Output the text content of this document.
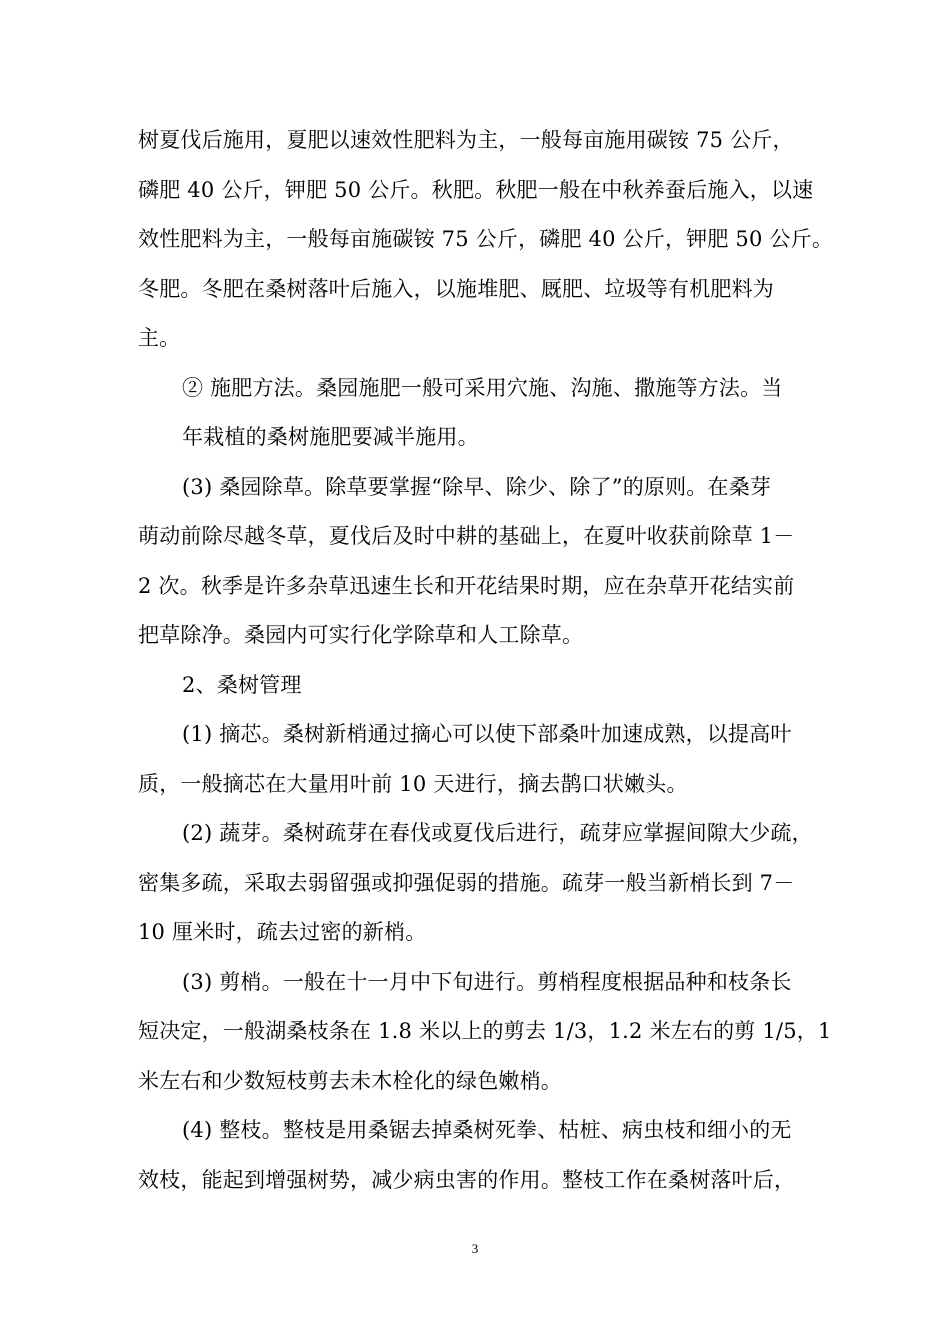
树夏伐后施用，夏肥以速效性肥料为主，一般每亩施用碳铵 75 公斤，
磷肥 40 公斤，钾肥 50 公斤。秋肥。秋肥一般在中秋养蚕后施入，以速
效性肥料为主，一般每亩施碳铵 75 公斤，磷肥 40 公斤，钾肥 50 公斤。
冬肥。冬肥在桑树落叶后施入，以施堆肥、厩肥、垃圾等有机肥料为
主。
② 施肥方法。桑园施肥一般可采用穴施、沟施、撒施等方法。当
年栽植的桑树施肥要减半施用。
(3) 桑园除草。除草要掌握“除早、除少、除了”的原则。在桑芽
萌动前除尽越冬草，夏伐后及时中耕的基础上，在夏叶收获前除草 1－
2 次。秋季是许多杂草迅速生长和开花结果时期，应在杂草开花结实前
把草除净。桑园内可实行化学除草和人工除草。
2、桑树管理
(1) 摘芯。桑树新梢通过摘心可以使下部桑叶加速成熟，以提高叶
质，一般摘芯在大量用叶前 10 天进行，摘去鹊口状嫩头。
(2) 蔬芽。桑树疏芽在春伐或夏伐后进行，疏芽应掌握间隙大少疏，
密集多疏，采取去弱留强或抑强促弱的措施。疏芽一般当新梢长到 7－
10 厘米时，疏去过密的新梢。
(3) 剪梢。一般在十一月中下旬进行。剪梢程度根据品种和枝条长
短决定，一般湖桑枝条在 1.8 米以上的剪去 1/3，1.2 米左右的剪 1/5，1
米左右和少数短枝剪去未木栓化的绿色嫩梢。
(4) 整枝。整枝是用桑锯去掉桑树死拳、枯桩、病虫枝和细小的无
效枝，能起到增强树势，减少病虫害的作用。整枝工作在桑树落叶后，
3
